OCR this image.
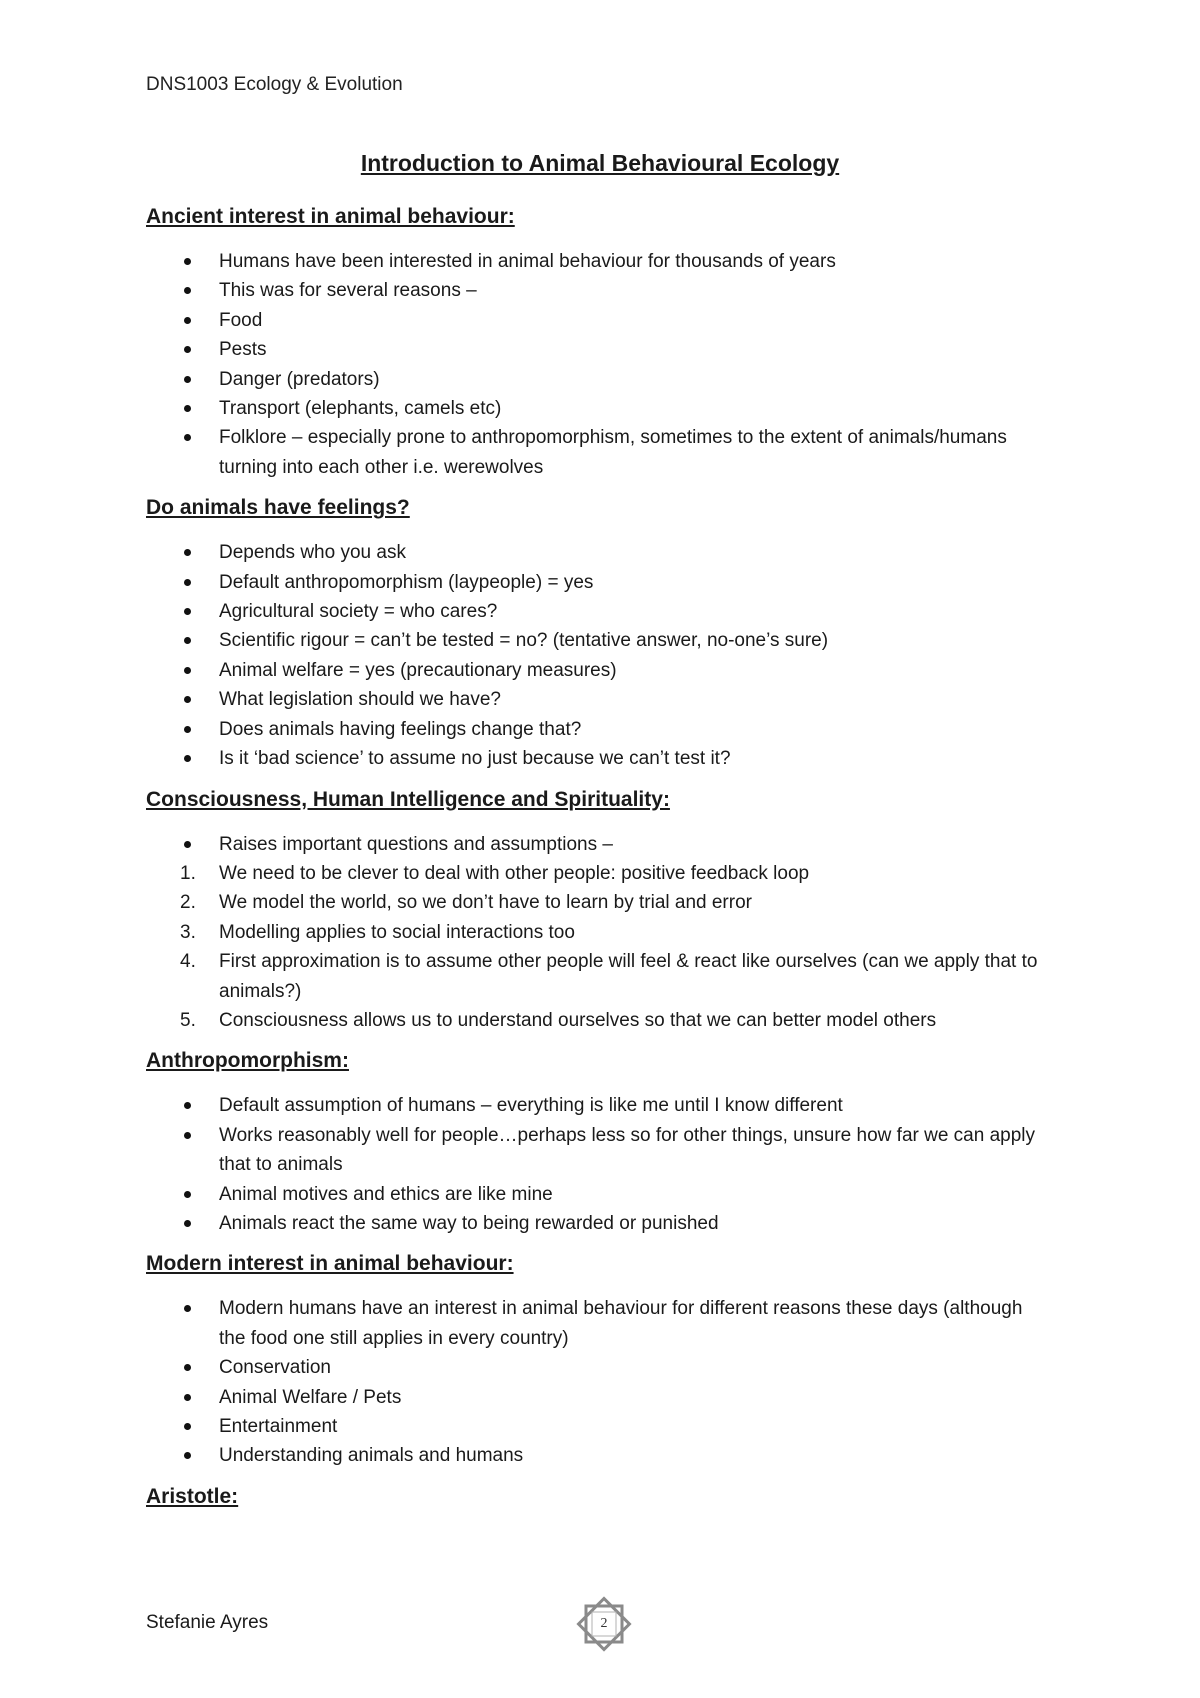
DNS1003 Ecology & Evolution
Introduction to Animal Behavioural Ecology
Ancient interest in animal behaviour:
Humans have been interested in animal behaviour for thousands of years
This was for several reasons –
Food
Pests
Danger (predators)
Transport (elephants, camels etc)
Folklore – especially prone to anthropomorphism, sometimes to the extent of animals/humans turning into each other i.e. werewolves
Do animals have feelings?
Depends who you ask
Default anthropomorphism (laypeople) = yes
Agricultural society = who cares?
Scientific rigour = can’t be tested = no? (tentative answer, no-one’s sure)
Animal welfare = yes (precautionary measures)
What legislation should we have?
Does animals having feelings change that?
Is it ‘bad science’ to assume no just because we can’t test it?
Consciousness, Human Intelligence and Spirituality:
Raises important questions and assumptions –
1. We need to be clever to deal with other people: positive feedback loop
2. We model the world, so we don’t have to learn by trial and error
3. Modelling applies to social interactions too
4. First approximation is to assume other people will feel & react like ourselves (can we apply that to animals?)
5. Consciousness allows us to understand ourselves so that we can better model others
Anthropomorphism:
Default assumption of humans – everything is like me until I know different
Works reasonably well for people…perhaps less so for other things, unsure how far we can apply that to animals
Animal motives and ethics are like mine
Animals react the same way to being rewarded or punished
Modern interest in animal behaviour:
Modern humans have an interest in animal behaviour for different reasons these days (although the food one still applies in every country)
Conservation
Animal Welfare / Pets
Entertainment
Understanding animals and humans
Aristotle:
Stefanie Ayres	2
